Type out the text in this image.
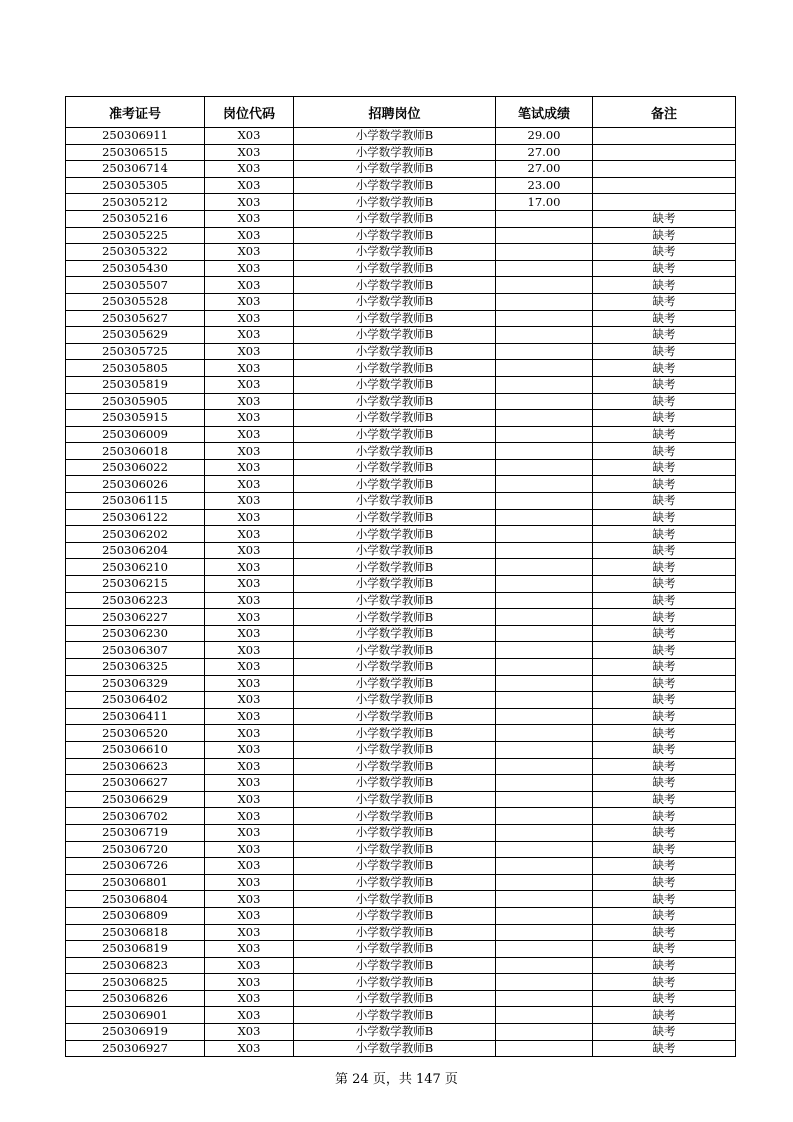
准考证号	岗位代码	招聘岗位	笔试成绩	备注
250306911	X03	小学数学教师B	29.00	
250306515	X03	小学数学教师B	27.00	
250306714	X03	小学数学教师B	27.00	
250305305	X03	小学数学教师B	23.00	
250305212	X03	小学数学教师B	17.00	
250305216	X03	小学数学教师B		缺考
250305225	X03	小学数学教师B		缺考
250305322	X03	小学数学教师B		缺考
250305430	X03	小学数学教师B		缺考
250305507	X03	小学数学教师B		缺考
250305528	X03	小学数学教师B		缺考
250305627	X03	小学数学教师B		缺考
250305629	X03	小学数学教师B		缺考
250305725	X03	小学数学教师B		缺考
250305805	X03	小学数学教师B		缺考
250305819	X03	小学数学教师B		缺考
250305905	X03	小学数学教师B		缺考
250305915	X03	小学数学教师B		缺考
250306009	X03	小学数学教师B		缺考
250306018	X03	小学数学教师B		缺考
250306022	X03	小学数学教师B		缺考
250306026	X03	小学数学教师B		缺考
250306115	X03	小学数学教师B		缺考
250306122	X03	小学数学教师B		缺考
250306202	X03	小学数学教师B		缺考
250306204	X03	小学数学教师B		缺考
250306210	X03	小学数学教师B		缺考
250306215	X03	小学数学教师B		缺考
250306223	X03	小学数学教师B		缺考
250306227	X03	小学数学教师B		缺考
250306230	X03	小学数学教师B		缺考
250306307	X03	小学数学教师B		缺考
250306325	X03	小学数学教师B		缺考
250306329	X03	小学数学教师B		缺考
250306402	X03	小学数学教师B		缺考
250306411	X03	小学数学教师B		缺考
250306520	X03	小学数学教师B		缺考
250306610	X03	小学数学教师B		缺考
250306623	X03	小学数学教师B		缺考
250306627	X03	小学数学教师B		缺考
250306629	X03	小学数学教师B		缺考
250306702	X03	小学数学教师B		缺考
250306719	X03	小学数学教师B		缺考
250306720	X03	小学数学教师B		缺考
250306726	X03	小学数学教师B		缺考
250306801	X03	小学数学教师B		缺考
250306804	X03	小学数学教师B		缺考
250306809	X03	小学数学教师B		缺考
250306818	X03	小学数学教师B		缺考
250306819	X03	小学数学教师B		缺考
250306823	X03	小学数学教师B		缺考
250306825	X03	小学数学教师B		缺考
250306826	X03	小学数学教师B		缺考
250306901	X03	小学数学教师B		缺考
250306919	X03	小学数学教师B		缺考
250306927	X03	小学数学教师B		缺考
第 24 页，共 147 页
